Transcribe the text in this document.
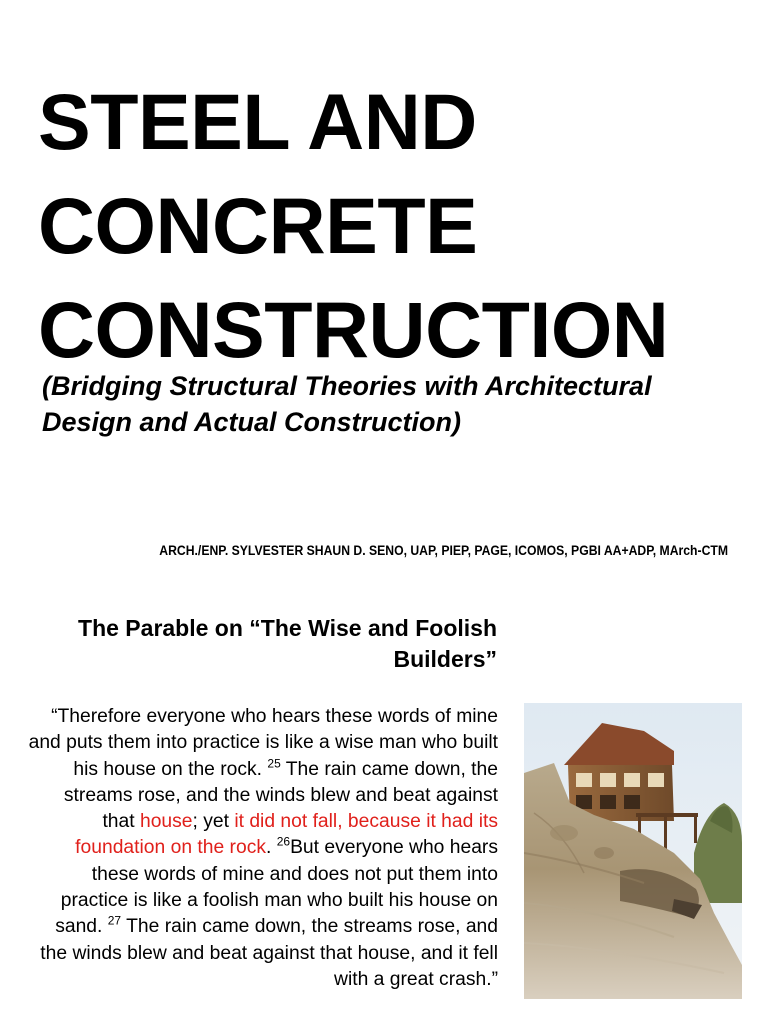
STEEL AND
CONCRETE
CONSTRUCTION

(Bridging Structural Theories with Architectural
Design and Actual Construction)

ARCH./ENP. SYLVESTER SHAUN D. SENO, UAP, PIEP, PAGE, ICOMOS, PGBI AA+ADP, MArch-CTM
The Parable on “The Wise and Foolish
Builders”

“Therefore everyone who hears these words of mine and puts them into practice is like a wise man who built his house on the rock. $^{25}$ The rain came down, the streams rose, and the winds blew and beat against that house; yet it did not fall, because it had its foundation on the rock. $^{26}$But everyone who hears these words of mine and does not put them into practice is like a foolish man who built his house on sand. $^{27}$ The rain came down, the streams rose, and the winds blew and beat against that house, and it fell with a great crash.”
